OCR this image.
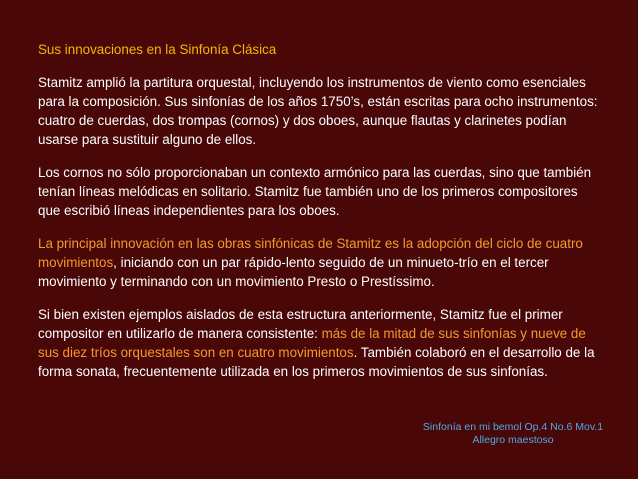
Sus innovaciones en la Sinfonía Clásica

Stamitz amplió la partitura orquestal, incluyendo los instrumentos de viento como esenciales para la composición. Sus sinfonías de los años 1750’s, están escritas para ocho instrumentos: cuatro de cuerdas, dos trompas (cornos) y dos oboes, aunque flautas y clarinetes podían usarse para sustituir alguno de ellos.

Los cornos no sólo proporcionaban un contexto armónico para las cuerdas, sino que también tenían líneas melódicas en solitario. Stamitz fue también uno de los primeros compositores que escribió líneas independientes para los oboes.

La principal innovación en las obras sinfónicas de Stamitz es la adopción del ciclo de cuatro movimientos, iniciando con un par rápido-lento seguido de un minueto-trío en el tercer movimiento y terminando con un movimiento Presto o Prestíssimo.

Si bien existen ejemplos aislados de esta estructura anteriormente, Stamitz fue el primer compositor en utilizarlo de manera consistente: más de la mitad de sus sinfonías y nueve de sus diez tríos orquestales son en cuatro movimientos. También colaboró en el desarrollo de la forma sonata, frecuentemente utilizada en los primeros movimientos de sus sinfonías.

Sinfonía en mi bemol Op.4 No.6 Mov.1
Allegro maestoso
